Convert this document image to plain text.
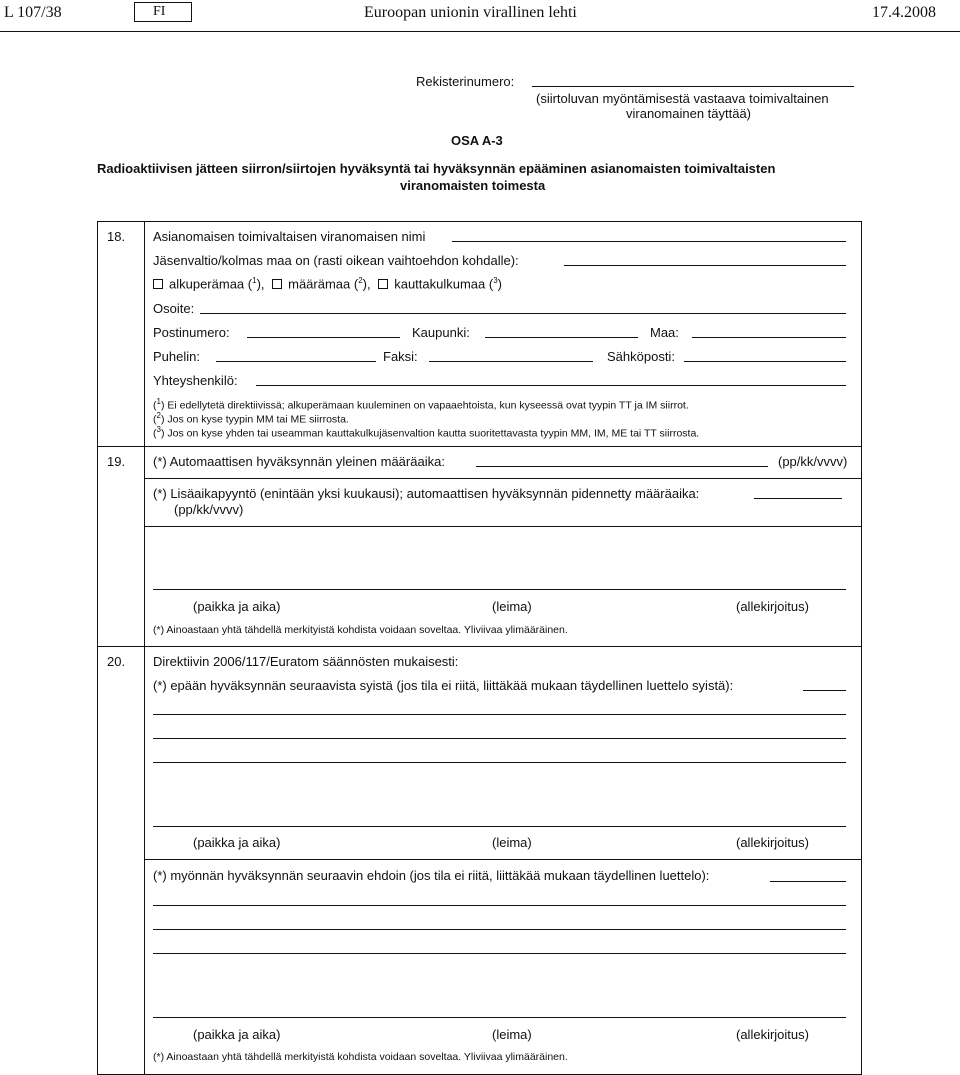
L 107/38	FI	Euroopan unionin virallinen lehti	17.4.2008
Rekisterinumero:
(siirtoluvan myöntämisestä vastaava toimivaltainen
viranomainen täyttää)
OSA A-3
Radioaktiivisen jätteen siirron/siirtojen hyväksyntä tai hyväksynnän epääminen asianomaisten toimivaltaisten
viranomaisten toimesta
18. Asianomaisen toimivaltaisen viranomaisen nimi
Jäsenvaltio/kolmas maa on (rasti oikean vaihtoehdon kohdalle):
alkuperämaa ($^1$), määrämaa ($^2$), kauttakulkumaa ($^3$)
Osoite:
Postinumero:	Kaupunki:	Maa:
Puhelin:	Faksi:	Sähköposti:
Yhteyshenkilö:
($^1$) Ei edellytetä direktiivissä; alkuperämaan kuuleminen on vapaaehtoista, kun kyseessä ovat tyypin TT ja IM siirrot.
($^2$) Jos on kyse tyypin MM tai ME siirrosta.
($^3$) Jos on kyse yhden tai useamman kauttakulkujäsenvaltion kautta suoritettavasta tyypin MM, IM, ME tai TT siirrosta.
19. (*) Automaattisen hyväksynnän yleinen määräaika:	(pp/kk/vvvv)
(*) Lisäaikapyyntö (enintään yksi kuukausi); automaattisen hyväksynnän pidennetty määräaika:
(pp/kk/vvvv)
(paikka ja aika)	(leima)	(allekirjoitus)
(*) Ainoastaan yhtä tähdellä merkityistä kohdista voidaan soveltaa. Yliviivaa ylimääräinen.
20. Direktiivin 2006/117/Euratom säännösten mukaisesti:
(*) epään hyväksynnän seuraavista syistä (jos tila ei riitä, liittäkää mukaan täydellinen luettelo syistä):
(paikka ja aika)	(leima)	(allekirjoitus)
(*) myönnän hyväksynnän seuraavin ehdoin (jos tila ei riitä, liittäkää mukaan täydellinen luettelo):
(paikka ja aika)	(leima)	(allekirjoitus)
(*) Ainoastaan yhtä tähdellä merkityistä kohdista voidaan soveltaa. Yliviivaa ylimääräinen.
